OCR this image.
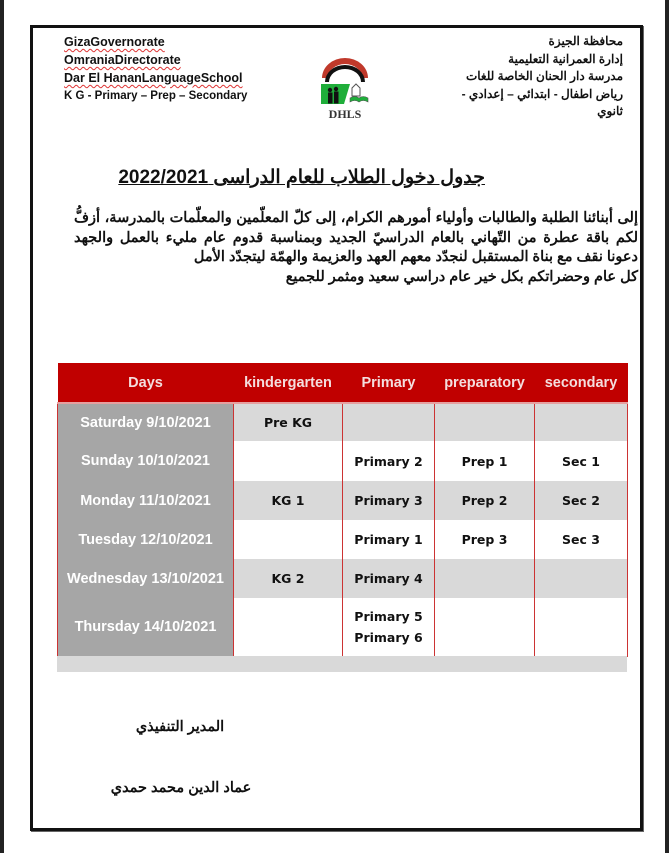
GizaGovernorate
OmraniaDirectorate
Dar El HananLanguageSchool
K G - Primary – Prep – Secondary
محافظة الجيزة
إدارة العمرانية التعليمية
مدرسة دار الحنان الخاصة للغات
رياض اطفال - ابتدائي – إعدادي - ثانوي
DHLS
جدول دخول الطلاب للعام الدراسى 2022/2021

إلى أبنائنا الطلبة والطالبات وأولياء أمورهم الكرام، إلى كلّ المعلّمين والمعلّمات بالمدرسة، أزفُّ لكم باقة عطرة من التّهاني بالعام الدراسيّ الجديد وبمناسبة قدوم عام مليء بالعمل والجهد دعونا نقف مع بناة المستقبل لنجدّد معهم العهد والعزيمة والهمّة ليتجدّد الأمل

كل عام وحضراتكم بكل خير عام دراسي سعيد ومثمر للجميع

Days	kindergarten	Primary	preparatory	secondary
Saturday 9/10/2021	Pre KG			
Sunday 10/10/2021		Primary 2	Prep 1	Sec 1
Monday 11/10/2021	KG 1	Primary 3	Prep 2	Sec 2
Tuesday 12/10/2021		Primary 1	Prep 3	Sec 3
Wednesday 13/10/2021	KG 2	Primary 4		
Thursday 14/10/2021		Primary 5
Primary 6		

المدير التنفيذي
عماد الدين محمد حمدي
